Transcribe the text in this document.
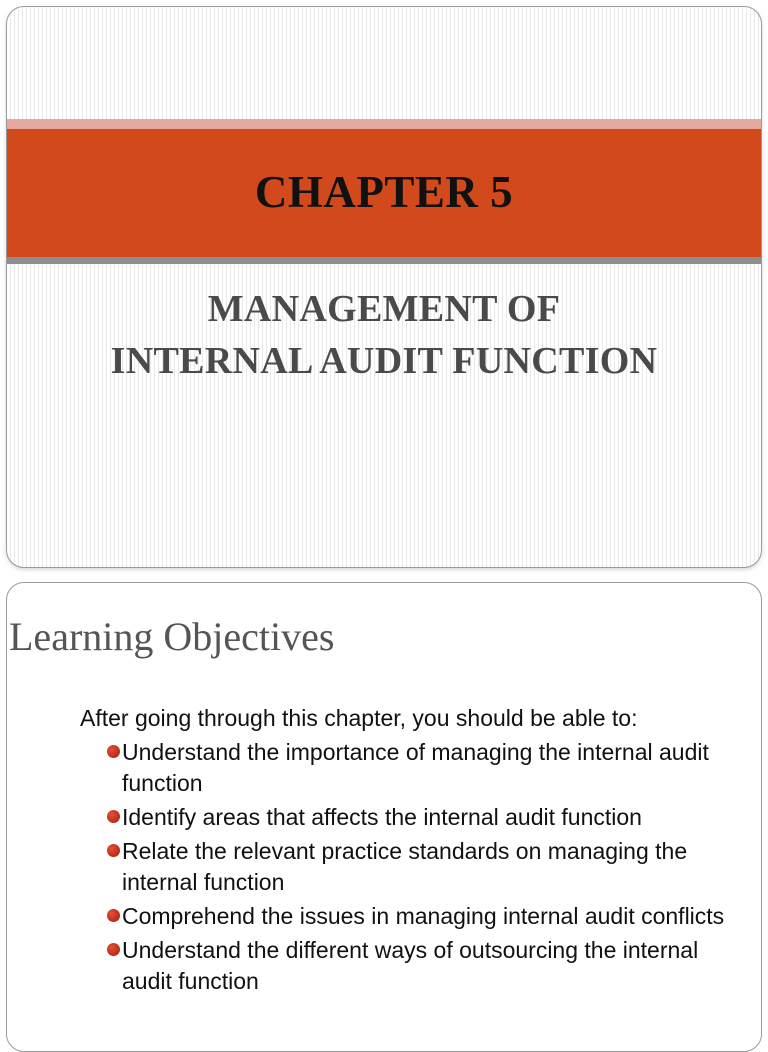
CHAPTER 5
MANAGEMENT OF
INTERNAL AUDIT FUNCTION
Learning Objectives
After going through this chapter, you should be able to:
Understand the importance of managing the internal audit function
Identify areas that affects the internal audit function
Relate the relevant practice standards on managing the internal function
Comprehend the issues in managing internal audit conflicts
Understand the different ways of outsourcing the internal audit function
